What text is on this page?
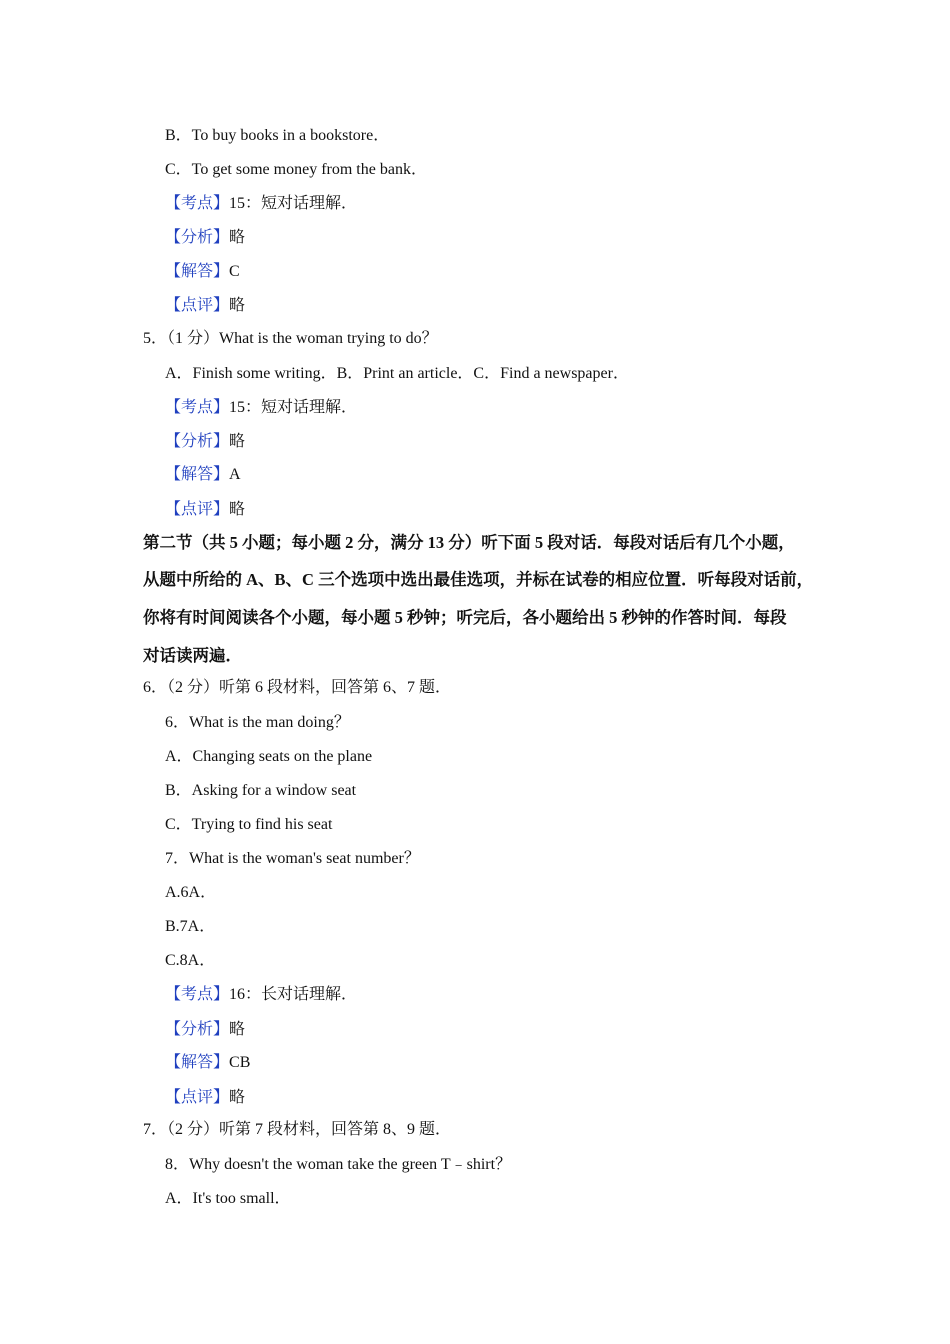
B．To buy books in a bookstore．
C．To get some money from the bank．
【考点】15：短对话理解．
【分析】略
【解答】C
【点评】略
5．（1 分）What is the woman trying to do？
A．Finish some writing．B．Print an article．C．Find a newspaper．
【考点】15：短对话理解．
【分析】略
【解答】A
【点评】略
第二节（共 5 小题；每小题 2 分，满分 13 分）听下面 5 段对话．每段对话后有几个小题，
从题中所给的 A、B、C 三个选项中选出最佳选项，并标在试卷的相应位置．听每段对话前，
你将有时间阅读各个小题，每小题 5 秒钟；听完后，各小题给出 5 秒钟的作答时间．每段
对话读两遍．
6．（2 分）听第 6 段材料，回答第 6、7 题．
6．What is the man doing？
A．Changing seats on the plane
B．Asking for a window seat
C．Trying to find his seat
7．What is the woman's seat number？
A.6A．
B.7A．
C.8A．
【考点】16：长对话理解．
【分析】略
【解答】CB
【点评】略
7．（2 分）听第 7 段材料，回答第 8、9 题．
8．Why doesn't the woman take the green T﹣shirt？
A．It's too small．
